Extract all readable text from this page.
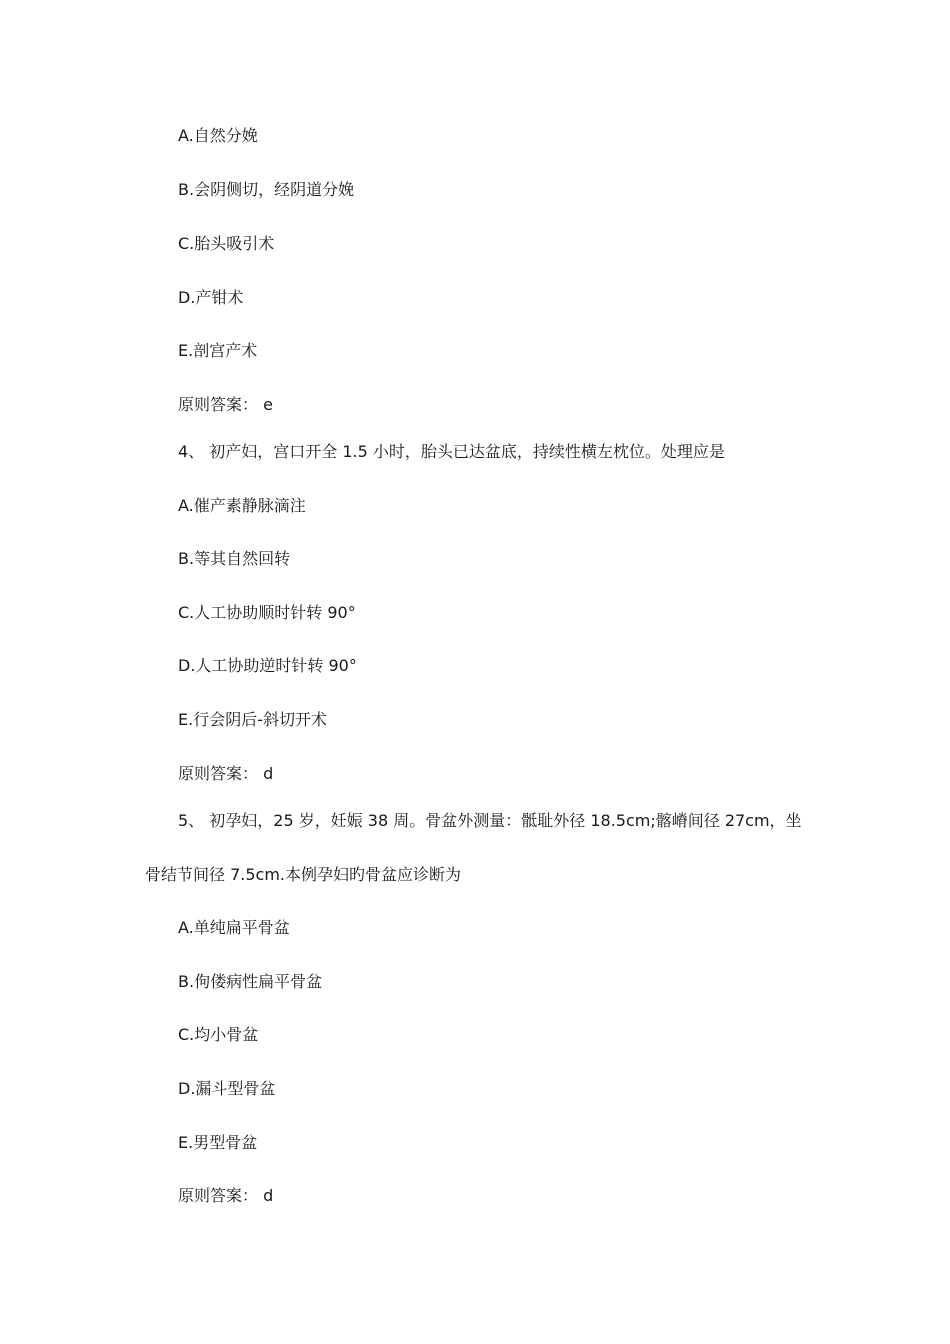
A.自然分娩
B.会阴侧切，经阴道分娩
C.胎头吸引术
D.产钳术
E.剖宫产术
原则答案： e
4、 初产妇，宫口开全 1.5 小时，胎头已达盆底，持续性横左枕位。处理应是
A.催产素静脉滴注
B.等其自然回转
C.人工协助顺时针转 90°
D.人工协助逆时针转 90°
E.行会阴后-斜切开术
原则答案： d
5、 初孕妇，25 岁，妊娠 38 周。骨盆外测量：骶耻外径 18.5cm;髂嵴间径 27cm，坐
骨结节间径 7.5cm.本例孕妇旳骨盆应诊断为
A.单纯扁平骨盆
B.佝偻病性扁平骨盆
C.均小骨盆
D.漏斗型骨盆
E.男型骨盆
原则答案： d
